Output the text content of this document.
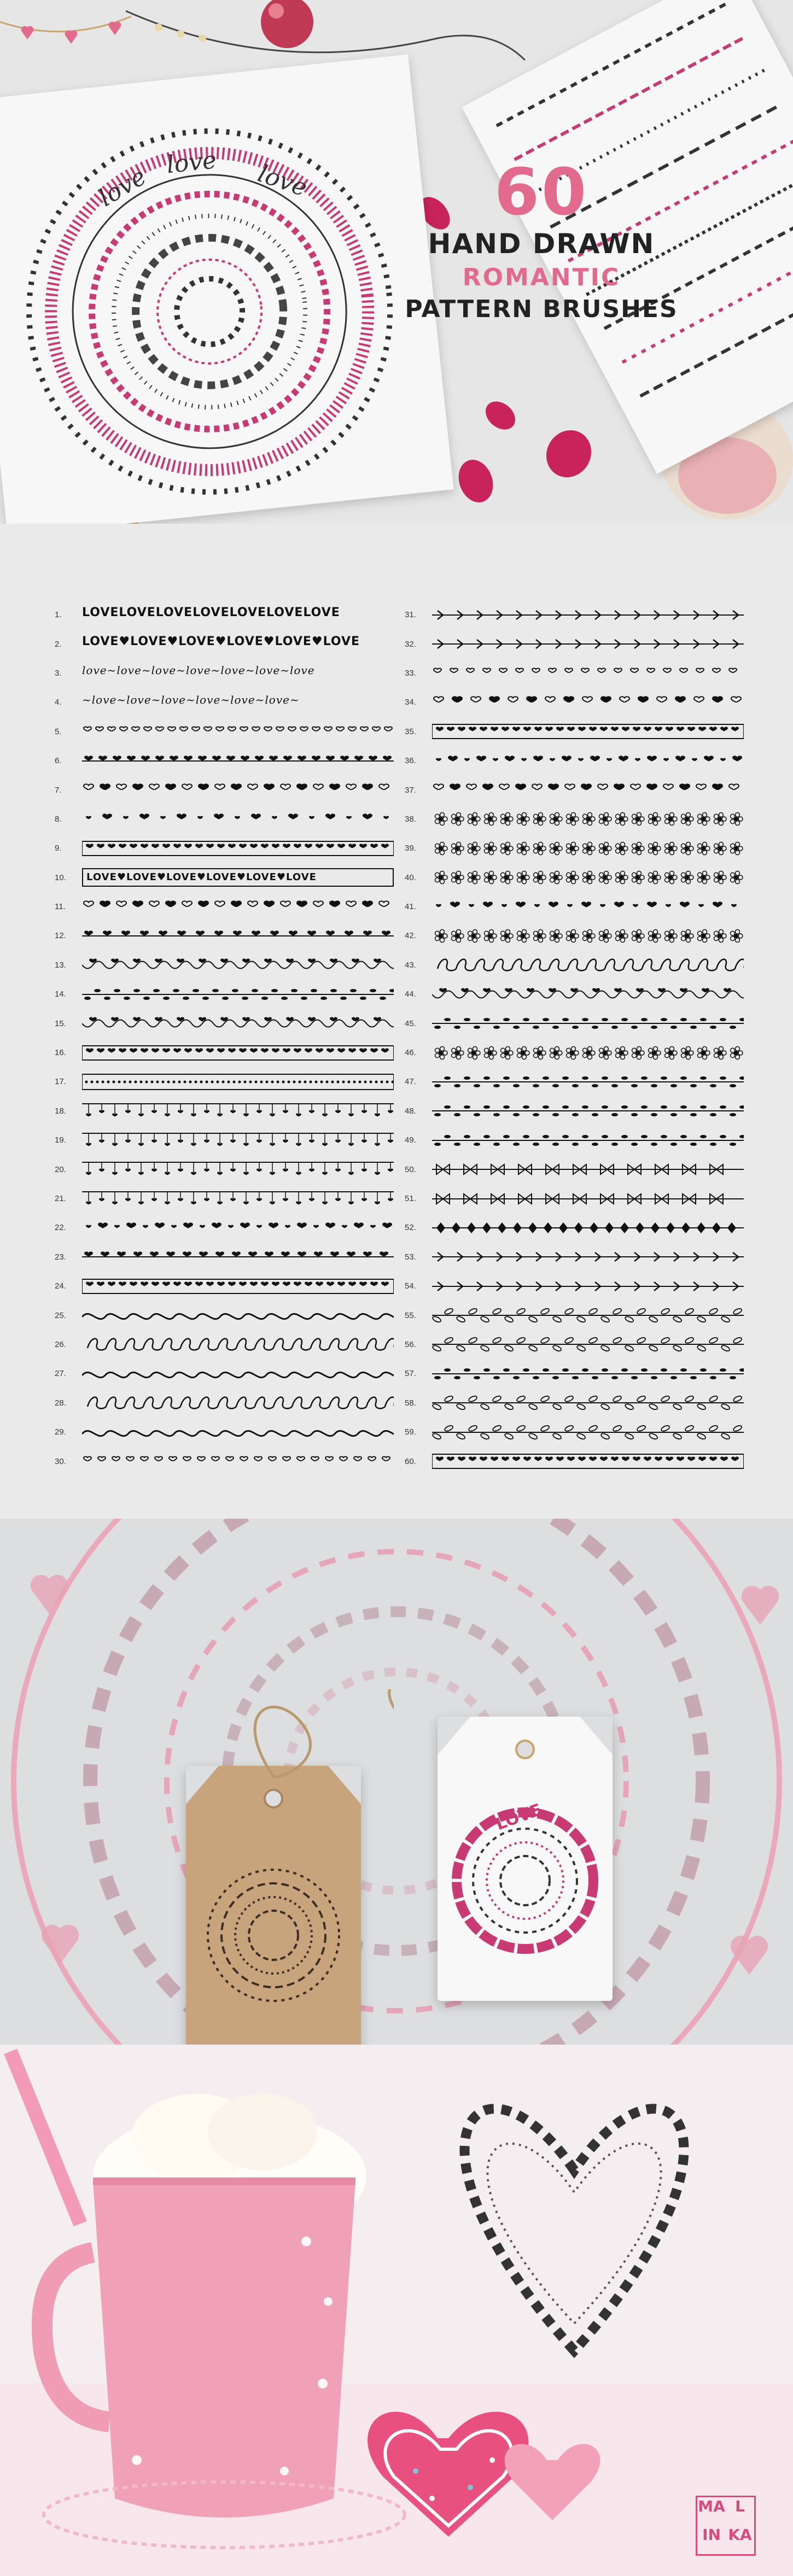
love
love love	60
HAND DRAWN
ROMANTIC
PATTERN BRUSHES
1.	LOVELOVELOVELOVELOVELOVELOVE
2.	LOVE♥LOVE♥LOVE♥LOVE♥LOVE♥LOVE
3.	love~love~love~love~love~love~love
4.	~love~love~love~love~love~love~
5.
6.
7.
8.
9.
10.	LOVE♥LOVE♥LOVE♥LOVE♥LOVE♥LOVE
11.
12.
13.
14.
15.
16.
17.
18.
19.
20.
21.
22.
23.
24.
25.
26.
27.
28.
29.
30.
31.
32.
33.
34.
35.
36.
37.
38.
39.
40.
41.
42.
43.
44.
45.
46.
47.
48.
49.
50.
51.
52.
53.
54.
55.
56.
57.
58.
59.
60.
LOVE
MA L
IN KA
